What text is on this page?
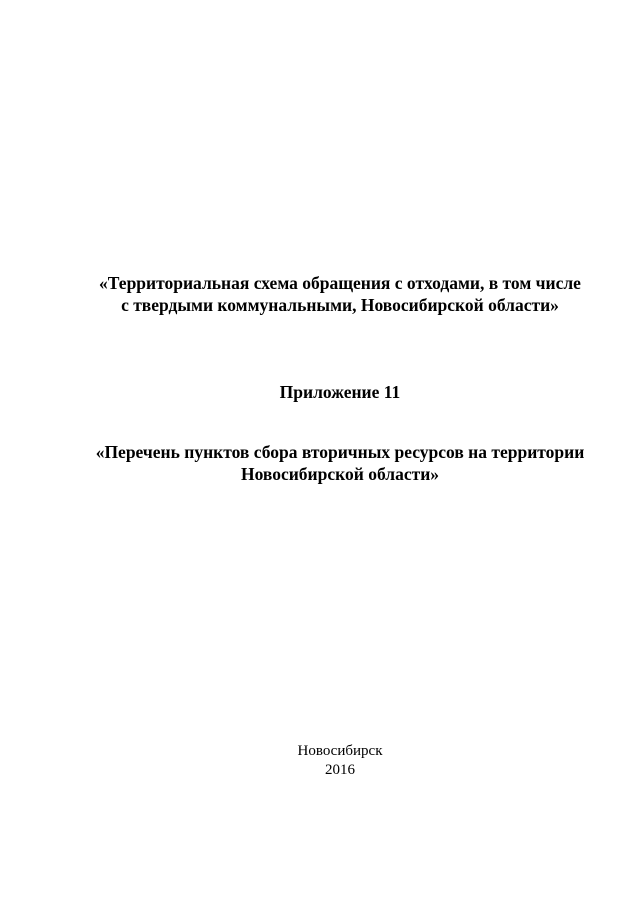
«Территориальная схема обращения с отходами, в том числе
с твердыми коммунальными, Новосибирской области»
Приложение 11
«Перечень пунктов сбора вторичных ресурсов на территории
Новосибирской области»
Новосибирск
2016
